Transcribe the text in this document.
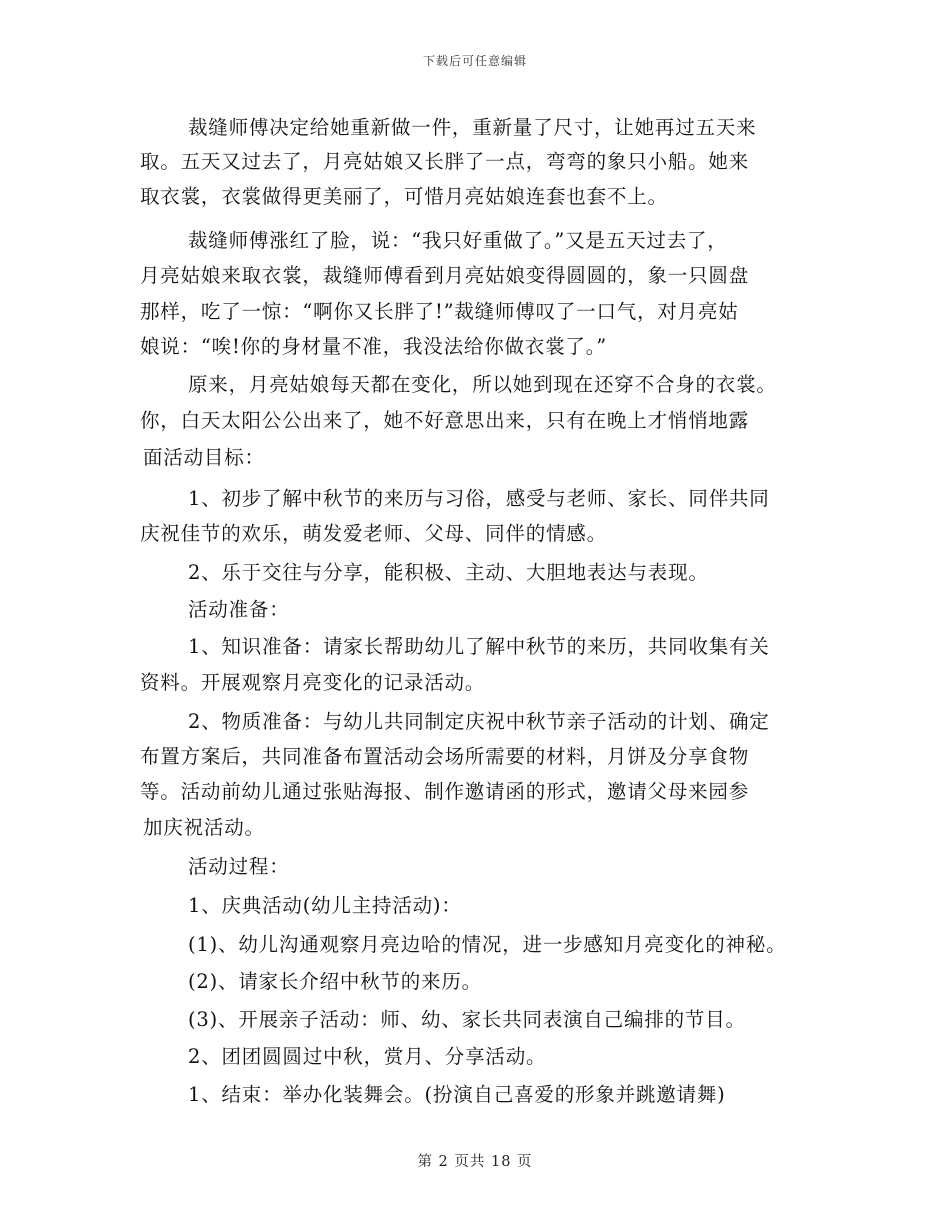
下载后可任意编辑
裁缝师傅决定给她重新做一件，重新量了尺寸，让她再过五天来
取。五天又过去了，月亮姑娘又长胖了一点，弯弯的象只小船。她来
取衣裳，衣裳做得更美丽了，可惜月亮姑娘连套也套不上。
裁缝师傅涨红了脸，说：“我只好重做了。”又是五天过去了，
月亮姑娘来取衣裳，裁缝师傅看到月亮姑娘变得圆圆的，象一只圆盘
那样，吃了一惊：“啊你又长胖了!”裁缝师傅叹了一口气，对月亮姑
娘说：“唉!你的身材量不准，我没法给你做衣裳了。”
原来，月亮姑娘每天都在变化，所以她到现在还穿不合身的衣裳。
你，白天太阳公公出来了，她不好意思出来，只有在晚上才悄悄地露
面活动目标：
1、初步了解中秋节的来历与习俗，感受与老师、家长、同伴共同
庆祝佳节的欢乐，萌发爱老师、父母、同伴的情感。
2、乐于交往与分享，能积极、主动、大胆地表达与表现。
活动准备：
1、知识准备：请家长帮助幼儿了解中秋节的来历，共同收集有关
资料。开展观察月亮变化的记录活动。
2、物质准备：与幼儿共同制定庆祝中秋节亲子活动的计划、确定
布置方案后，共同准备布置活动会场所需要的材料，月饼及分享食物
等。活动前幼儿通过张贴海报、制作邀请函的形式，邀请父母来园参
加庆祝活动。
活动过程：
1、庆典活动(幼儿主持活动)：
(1)、幼儿沟通观察月亮边哈的情况，进一步感知月亮变化的神秘。
(2)、请家长介绍中秋节的来历。
(3)、开展亲子活动：师、幼、家长共同表演自己编排的节目。
2、团团圆圆过中秋，赏月、分享活动。
1、结束：举办化装舞会。(扮演自己喜爱的形象并跳邀请舞)
第 2 页共 18 页
